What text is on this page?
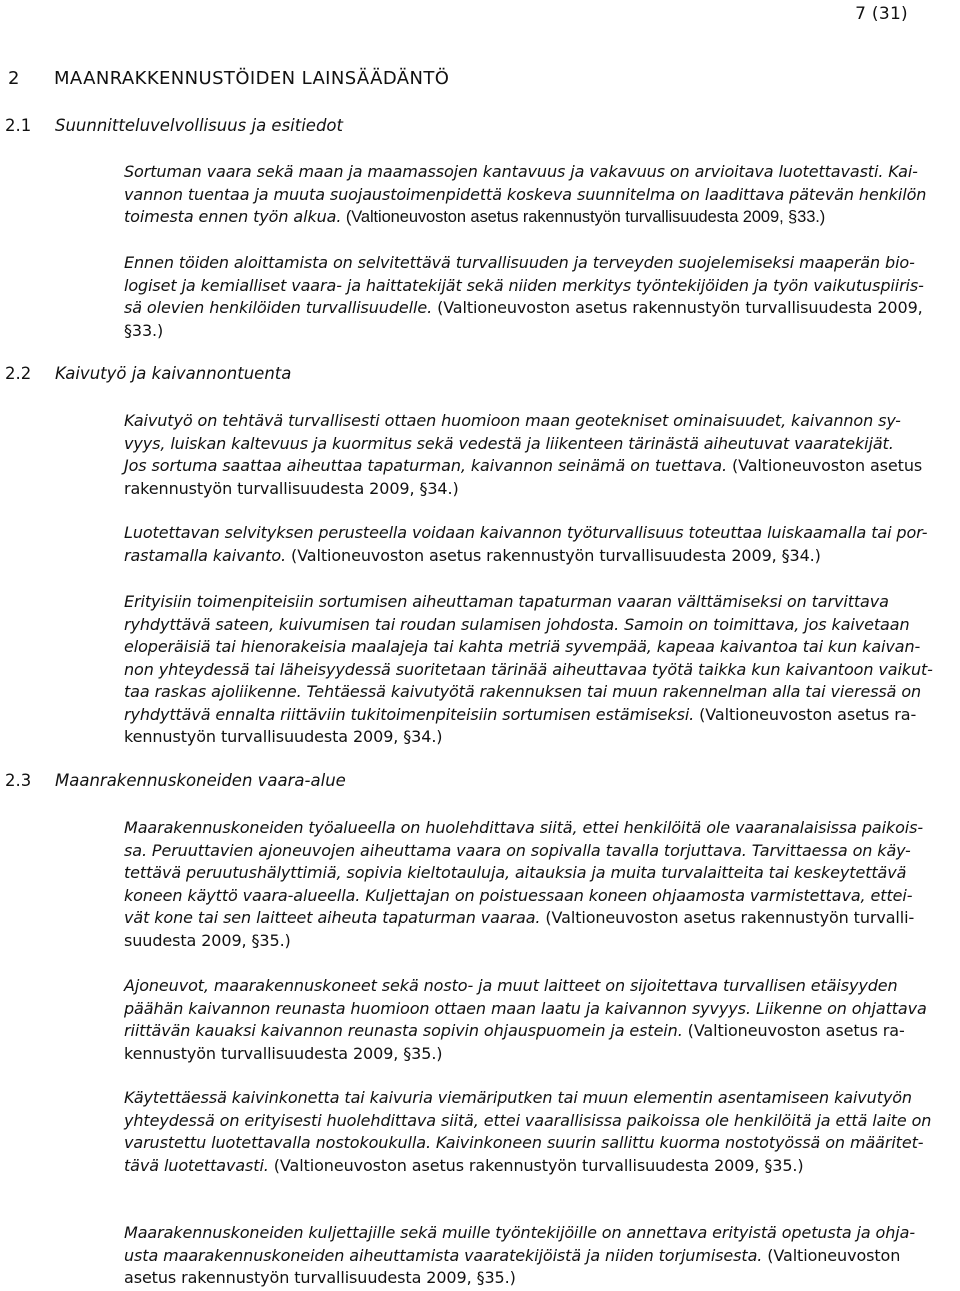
7 (31)
2 MAANRAKKENNUSTÖIDEN LAINSÄÄDÄNTÖ
2.1 Suunnitteluvelvollisuus ja esitiedot
Sortuman vaara sekä maan ja maamassojen kantavuus ja vakavuus on arvioitava luotettavasti. Kai-
vannon tuentaa ja muuta suojaustoimenpidettä koskeva suunnitelma on laadittava pätevän henkilön
toimesta ennen työn alkua. (Valtioneuvoston asetus rakennustyön turvallisuudesta 2009, §33.)
Ennen töiden aloittamista on selvitettävä turvallisuuden ja terveyden suojelemiseksi maaperän bio-
logiset ja kemialliset vaara- ja haittatekijät sekä niiden merkitys työntekijöiden ja työn vaikutuspiiris-
sä olevien henkilöiden turvallisuudelle. (Valtioneuvoston asetus rakennustyön turvallisuudesta 2009,
§33.)
2.2 Kaivutyö ja kaivannontuenta
Kaivutyö on tehtävä turvallisesti ottaen huomioon maan geotekniset ominaisuudet, kaivannon sy-
vyys, luiskan kaltevuus ja kuormitus sekä vedestä ja liikenteen tärinästä aiheutuvat vaaratekijät.
Jos sortuma saattaa aiheuttaa tapaturman, kaivannon seinämä on tuettava. (Valtioneuvoston asetus
rakennustyön turvallisuudesta 2009, §34.)
Luotettavan selvityksen perusteella voidaan kaivannon työturvallisuus toteuttaa luiskaamalla tai por-
rastamalla kaivanto. (Valtioneuvoston asetus rakennustyön turvallisuudesta 2009, §34.)
Erityisiin toimenpiteisiin sortumisen aiheuttaman tapaturman vaaran välttämiseksi on tarvittava
ryhdyttävä sateen, kuivumisen tai roudan sulamisen johdosta. Samoin on toimittava, jos kaivetaan
eloperäisiä tai hienorakeisia maalajeja tai kahta metriä syvempää, kapeaa kaivantoa tai kun kaivan-
non yhteydessä tai läheisyydessä suoritetaan tärinää aiheuttavaa työtä taikka kun kaivantoon vaikut-
taa raskas ajoliikenne. Tehtäessä kaivutyötä rakennuksen tai muun rakennelman alla tai vieressä on
ryhdyttävä ennalta riittäviin tukitoimenpiteisiin sortumisen estämiseksi. (Valtioneuvoston asetus ra-
kennustyön turvallisuudesta 2009, §34.)
2.3 Maanrakennuskoneiden vaara-alue
Maarakennuskoneiden työalueella on huolehdittava siitä, ettei henkilöitä ole vaaranalaisissa paikois-
sa. Peruuttavien ajoneuvojen aiheuttama vaara on sopivalla tavalla torjuttava. Tarvittaessa on käy-
tettävä peruutushälyttimiä, sopivia kieltotauluja, aitauksia ja muita turvalaitteita tai keskeytettävä
koneen käyttö vaara-alueella. Kuljettajan on poistuessaan koneen ohjaamosta varmistettava, ettei-
vät kone tai sen laitteet aiheuta tapaturman vaaraa. (Valtioneuvoston asetus rakennustyön turvalli-
suudesta 2009, §35.)
Ajoneuvot, maarakennuskoneet sekä nosto- ja muut laitteet on sijoitettava turvallisen etäisyyden
päähän kaivannon reunasta huomioon ottaen maan laatu ja kaivannon syvyys. Liikenne on ohjattava
riittävän kauaksi kaivannon reunasta sopivin ohjauspuomein ja estein. (Valtioneuvoston asetus ra-
kennustyön turvallisuudesta 2009, §35.)
Käytettäessä kaivinkonetta tai kaivuria viemäriputken tai muun elementin asentamiseen kaivutyön
yhteydessä on erityisesti huolehdittava siitä, ettei vaarallisissa paikoissa ole henkilöitä ja että laite on
varustettu luotettavalla nostokoukulla. Kaivinkoneen suurin sallittu kuorma nostotyössä on määritet-
tävä luotettavasti. (Valtioneuvoston asetus rakennustyön turvallisuudesta 2009, §35.)
Maarakennuskoneiden kuljettajille sekä muille työntekijöille on annettava erityistä opetusta ja ohja-
usta maarakennuskoneiden aiheuttamista vaaratekijöistä ja niiden torjumisesta. (Valtioneuvoston
asetus rakennustyön turvallisuudesta 2009, §35.)
